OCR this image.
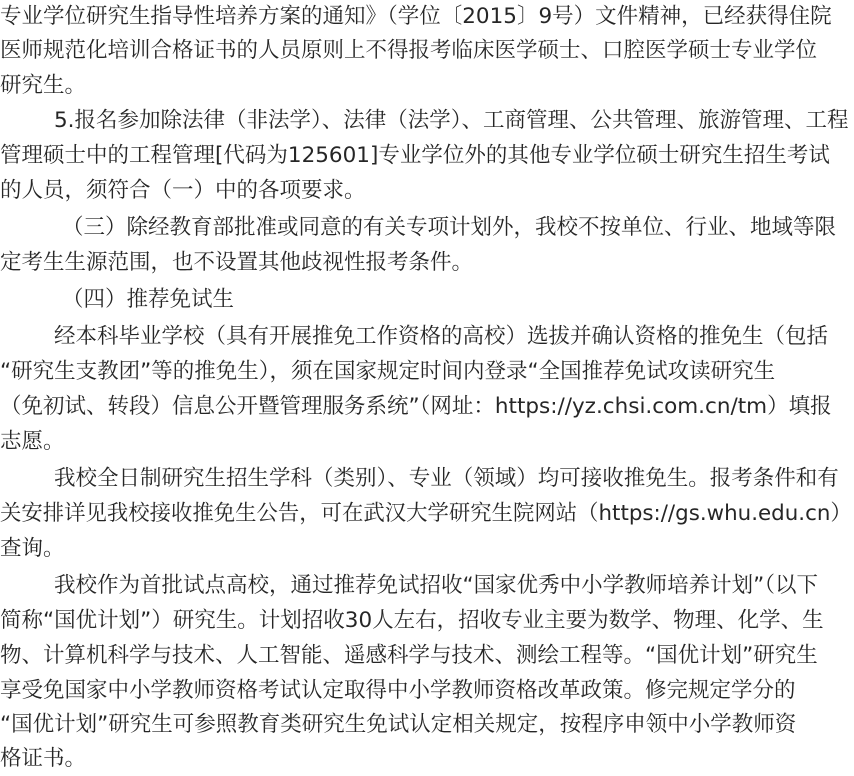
专业学位研究生指导性培养方案的通知》（学位〔2015〕9号）文件精神，已经获得住院
医师规范化培训合格证书的人员原则上不得报考临床医学硕士、口腔医学硕士专业学位
研究生。
5.报名参加除法律（非法学）、法律（法学）、工商管理、公共管理、旅游管理、工程
管理硕士中的工程管理[代码为125601]专业学位外的其他专业学位硕士研究生招生考试
的人员，须符合（一）中的各项要求。
（三）除经教育部批准或同意的有关专项计划外，我校不按单位、行业、地域等限
定考生生源范围，也不设置其他歧视性报考条件。
（四）推荐免试生
经本科毕业学校（具有开展推免工作资格的高校）选拔并确认资格的推免生（包括
“研究生支教团”等的推免生），须在国家规定时间内登录“全国推荐免试攻读研究生
（免初试、转段）信息公开暨管理服务系统”（网址：https://yz.chsi.com.cn/tm）填报
志愿。
我校全日制研究生招生学科（类别）、专业（领域）均可接收推免生。报考条件和有
关安排详见我校接收推免生公告，可在武汉大学研究生院网站（https://gs.whu.edu.cn）
查询。
我校作为首批试点高校，通过推荐免试招收“国家优秀中小学教师培养计划”（以下
简称“国优计划”）研究生。计划招收30人左右，招收专业主要为数学、物理、化学、生
物、计算机科学与技术、人工智能、遥感科学与技术、测绘工程等。“国优计划”研究生
享受免国家中小学教师资格考试认定取得中小学教师资格改革政策。修完规定学分的
“国优计划”研究生可参照教育类研究生免试认定相关规定，按程序申领中小学教师资
格证书。
